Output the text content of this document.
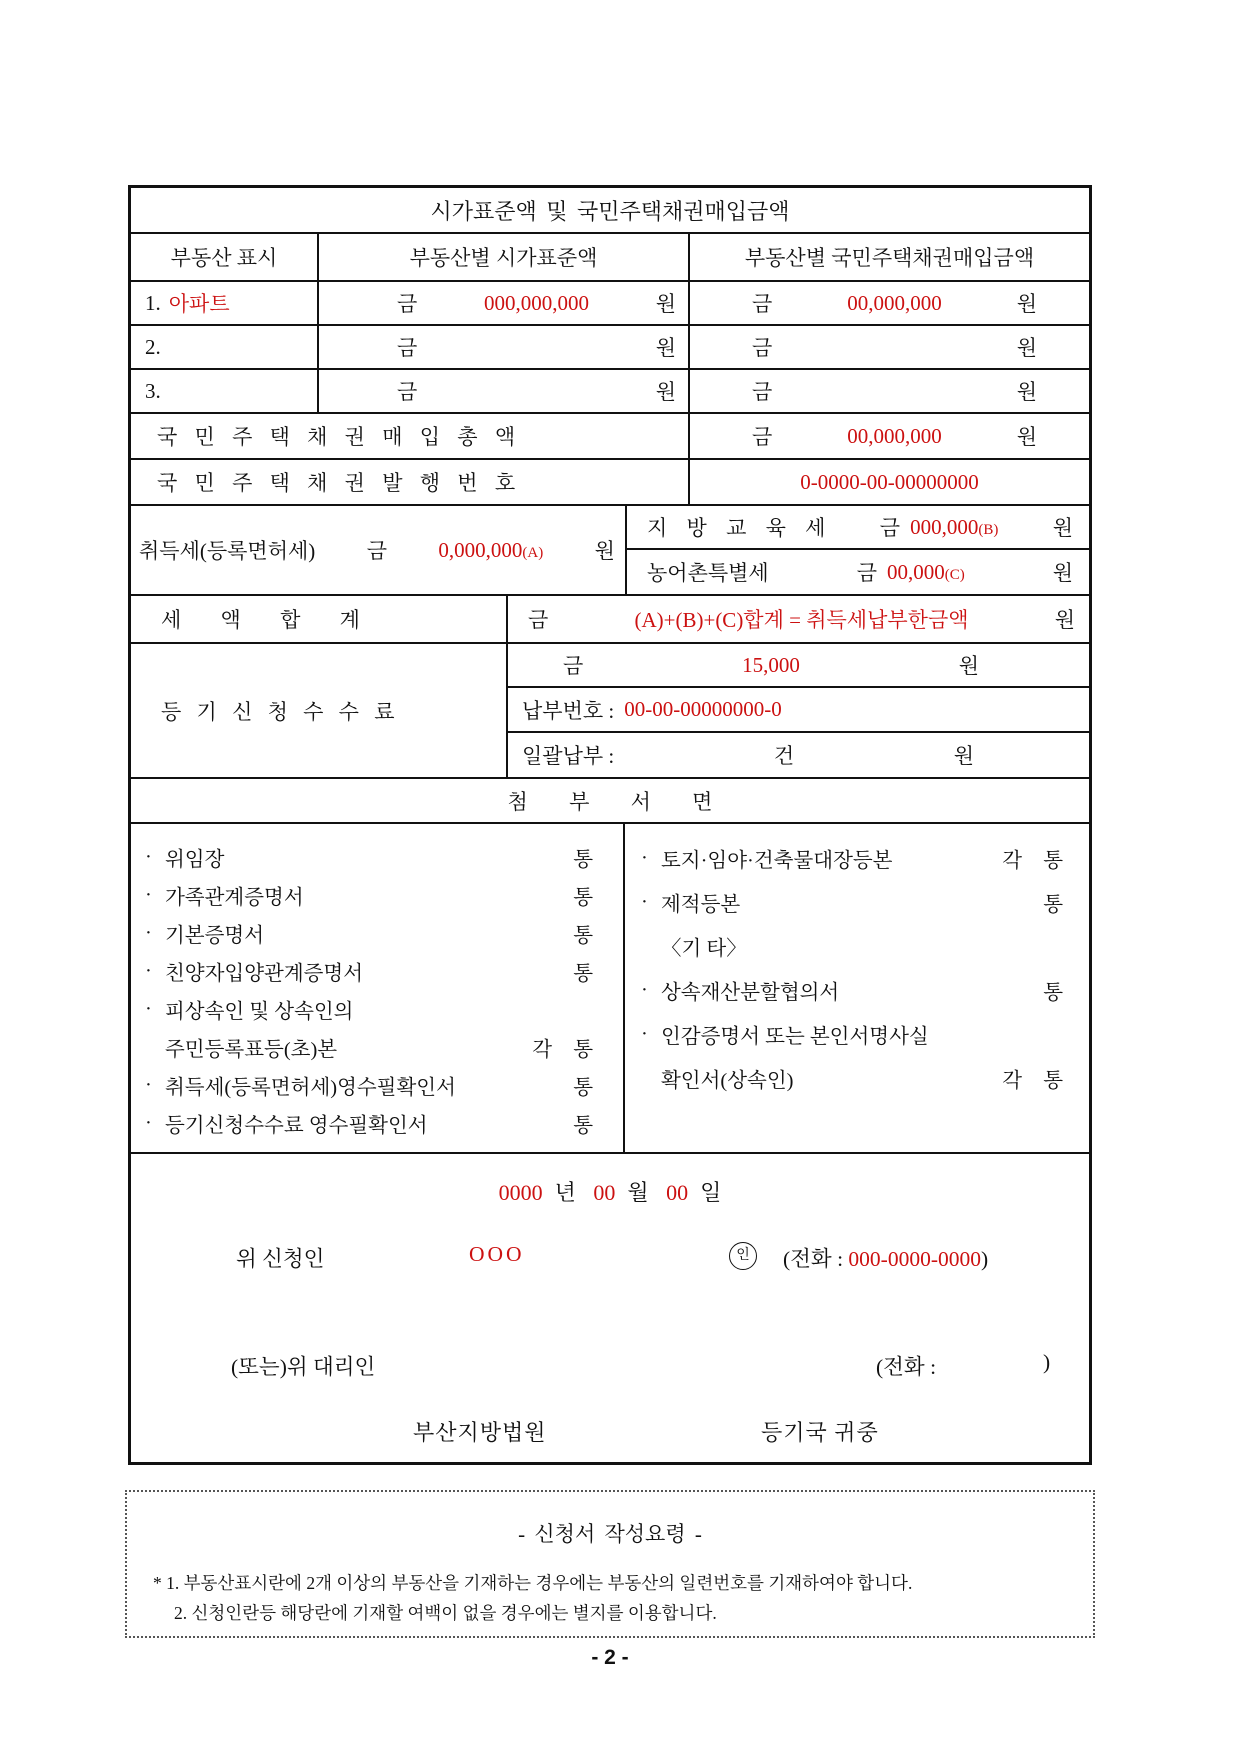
시가표준액 및 국민주택채권매입금액
부동산 표시	부동산별 시가표준액	부동산별 국민주택채권매입금액
1. 아파트	금	000,000,000	원	금	00,000,000	원
2.	금	원	금	원
3.	금	원	금	원
국 민 주 택 채 권 매 입 총 액	금	00,000,000	원
국 민 주 택 채 권 발 행 번 호	0-0000-00-00000000
취득세(등록면허세) 금 0,000,000(A) 원
지 방 교 육 세	금 000,000(B)	원
농어촌특별세	금 00,000(C)	원
세 액 합 계	금	(A)+(B)+(C)합계 = 취득세납부한금액	원
등 기 신 청 수 수 료
금	15,000	원
납부번호 : 00-00-00000000-0
일괄납부 :	건	원
첨 부 서 면
· 위임장	통
· 가족관계증명서	통
· 기본증명서	통
· 친양자입양관계증명서	통
· 피상속인 및 상속인의
주민등록표등(초)본	각 통
· 취득세(등록면허세)영수필확인서	통
· 등기신청수수료 영수필확인서	통
· 토지·임야·건축물대장등본	각 통
· 제적등본	통
〈기 타〉
· 상속재산분할협의서	통
· 인감증명서 또는 본인서명사실
확인서(상속인)	각 통
0000 년 00 월 00 일
위 신청인	OOO	인	(전화 : 000-0000-0000)
(또는)위 대리인	(전화 :	)
부산지방법원	등기국 귀중
- 신청서 작성요령 -
* 1. 부동산표시란에 2개 이상의 부동산을 기재하는 경우에는 부동산의 일련번호를 기재하여야 합니다.
2. 신청인란등 해당란에 기재할 여백이 없을 경우에는 별지를 이용합니다.
- 2 -
